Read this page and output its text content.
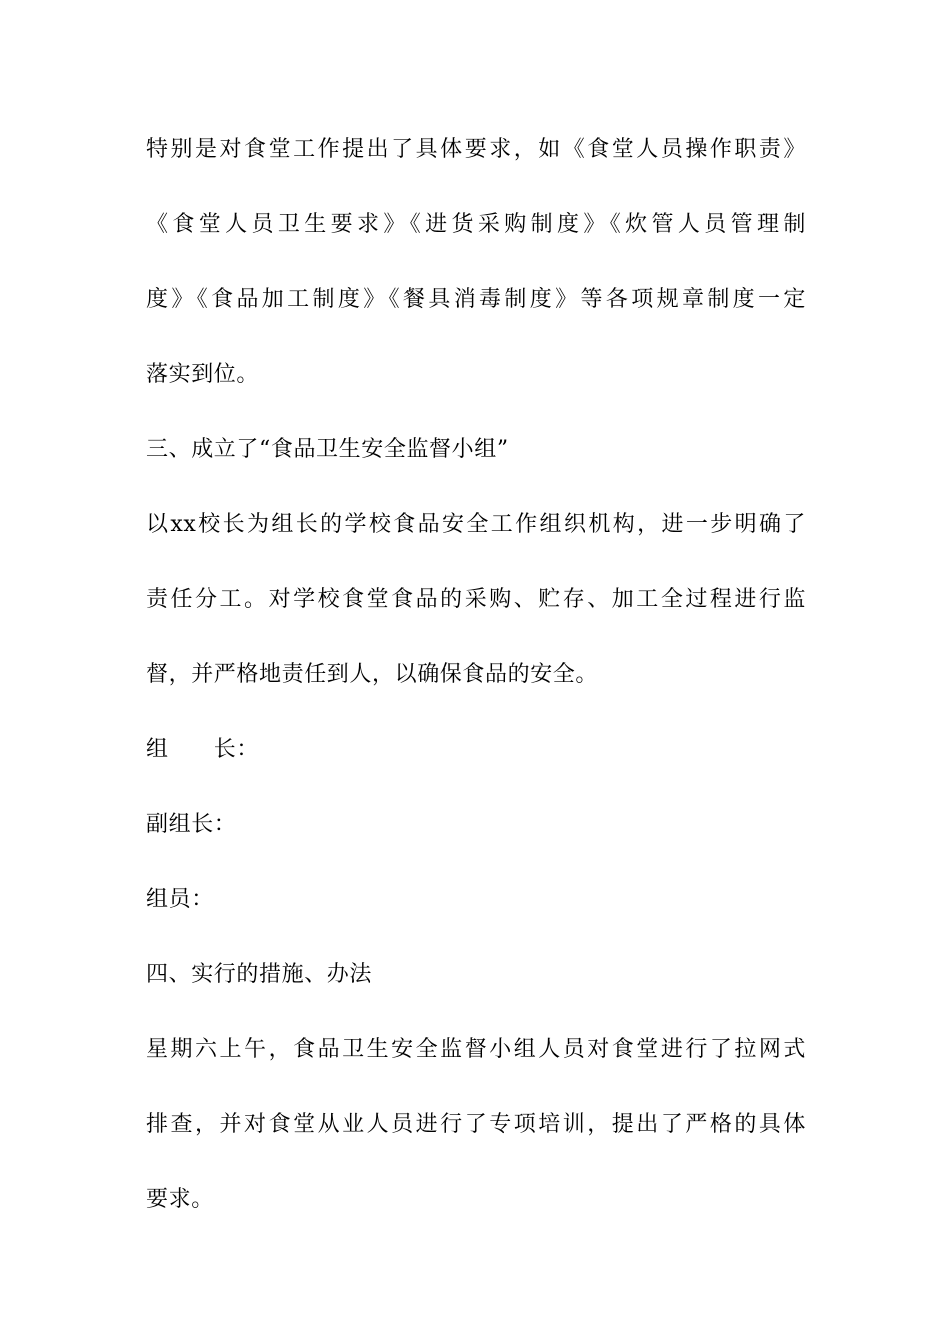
特别是对食堂工作提出了具体要求，如《食堂人员操作职责》
《食堂人员卫生要求》《进货采购制度》《炊管人员管理制
度》《食品加工制度》《餐具消毒制度》等各项规章制度一定
落实到位。
三、成立了“食品卫生安全监督小组”
以xx校长为组长的学校食品安全工作组织机构，进一步明确了
责任分工。对学校食堂食品的采购、贮存、加工全过程进行监
督，并严格地责任到人，以确保食品的安全。
组　　长：
副组长：
组员：
四、实行的措施、办法
星期六上午，食品卫生安全监督小组人员对食堂进行了拉网式
排查，并对食堂从业人员进行了专项培训，提出了严格的具体
要求。
